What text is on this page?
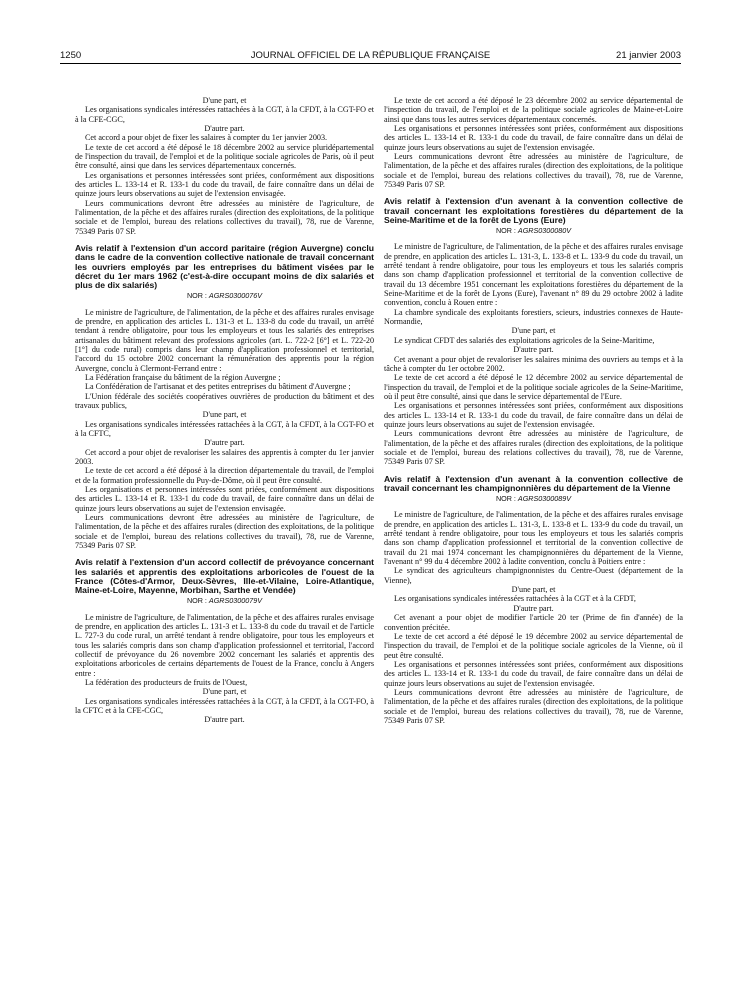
1250	JOURNAL OFFICIEL DE LA RÉPUBLIQUE FRANÇAISE	21 janvier 2003

D'une part, et

Les organisations syndicales intéressées rattachées à la CGT, à la CFDT, à la CGT-FO et à la CFE-CGC,

D'autre part.

Cet accord a pour objet de fixer les salaires à compter du 1er janvier 2003.

Le texte de cet accord a été déposé le 18 décembre 2002 au service pluridépartemental de l'inspection du travail, de l'emploi et de la politique sociale agricoles de Paris, où il peut être consulté, ainsi que dans les services départementaux concernés.

Les organisations et personnes intéressées sont priées, conformément aux dispositions des articles L. 133-14 et R. 133-1 du code du travail, de faire connaître dans un délai de quinze jours leurs observations au sujet de l'extension envisagée.

Leurs communications devront être adressées au ministère de l'agriculture, de l'alimentation, de la pêche et des affaires rurales (direction des exploitations, de la politique sociale et de l'emploi, bureau des relations collectives du travail), 78, rue de Varenne, 75349 Paris 07 SP.

Avis relatif à l'extension d'un accord paritaire (région Auvergne) conclu dans le cadre de la convention collective nationale de travail concernant les ouvriers employés par les entreprises du bâtiment visées par le décret du 1er mars 1962 (c'est-à-dire occupant moins de dix salariés et plus de dix salariés)

NOR : AGRS0300076V

Le ministre de l'agriculture, de l'alimentation, de la pêche et des affaires rurales envisage de prendre, en application des articles L. 131-3 et L. 133-8 du code du travail, un arrêté tendant à rendre obligatoire, pour tous les employeurs et tous les salariés des entreprises artisanales du bâtiment relevant des professions agricoles (art. L. 722-2 [6°] et L. 722-20 [1°] du code rural) compris dans leur champ d'application professionnel et territorial, l'accord du 15 octobre 2002 concernant la rémunération des apprentis pour la région Auvergne, conclu à Clermont-Ferrand entre :

La Fédération française du bâtiment de la région Auvergne ;

La Confédération de l'artisanat et des petites entreprises du bâtiment d'Auvergne ;

L'Union fédérale des sociétés coopératives ouvrières de production du bâtiment et des travaux publics,

D'une part, et

Les organisations syndicales intéressées rattachées à la CGT, à la CFDT, à la CGT-FO et à la CFTC,

D'autre part.

Cet accord a pour objet de revaloriser les salaires des apprentis à compter du 1er janvier 2003.

Le texte de cet accord a été déposé à la direction départementale du travail, de l'emploi et de la formation professionnelle du Puy-de-Dôme, où il peut être consulté.

Les organisations et personnes intéressées sont priées, conformément aux dispositions des articles L. 133-14 et R. 133-1 du code du travail, de faire connaître dans un délai de quinze jours leurs observations au sujet de l'extension envisagée.

Leurs communications devront être adressées au ministère de l'agriculture, de l'alimentation, de la pêche et des affaires rurales (direction des exploitations, de la politique sociale et de l'emploi, bureau des relations collectives du travail), 78, rue de Varenne, 75349 Paris 07 SP.

Avis relatif à l'extension d'un accord collectif de prévoyance concernant les salariés et apprentis des exploitations arboricoles de l'ouest de la France (Côtes-d'Armor, Deux-Sèvres, Ille-et-Vilaine, Loire-Atlantique, Maine-et-Loire, Mayenne, Morbihan, Sarthe et Vendée)

NOR : AGRS0300079V

Le ministre de l'agriculture, de l'alimentation, de la pêche et des affaires rurales envisage de prendre, en application des articles L. 131-3 et L. 133-8 du code du travail et de l'article L. 727-3 du code rural, un arrêté tendant à rendre obligatoire, pour tous les employeurs et tous les salariés compris dans son champ d'application professionnel et territorial, l'accord collectif de prévoyance du 26 novembre 2002 concernant les salariés et apprentis des exploitations arboricoles de certains départements de l'ouest de la France, conclu à Angers entre :

La fédération des producteurs de fruits de l'Ouest,

D'une part, et

Les organisations syndicales intéressées rattachées à la CGT, à la CFDT, à la CGT-FO, à la CFTC et à la CFE-CGC,

D'autre part.

Le texte de cet accord a été déposé le 23 décembre 2002 au service départemental de l'inspection du travail, de l'emploi et de la politique sociale agricoles de Maine-et-Loire ainsi que dans tous les autres services départementaux concernés.

Les organisations et personnes intéressées sont priées, conformément aux dispositions des articles L. 133-14 et R. 133-1 du code du travail, de faire connaître dans un délai de quinze jours leurs observations au sujet de l'extension envisagée.

Leurs communications devront être adressées au ministère de l'agriculture, de l'alimentation, de la pêche et des affaires rurales (direction des exploitations, de la politique sociale et de l'emploi, bureau des relations collectives du travail), 78, rue de Varenne, 75349 Paris 07 SP.

Avis relatif à l'extension d'un avenant à la convention collective de travail concernant les exploitations forestières du département de la Seine-Maritime et de la forêt de Lyons (Eure)

NOR : AGRS0300080V

Le ministre de l'agriculture, de l'alimentation, de la pêche et des affaires rurales envisage de prendre, en application des articles L. 131-3, L. 133-8 et L. 133-9 du code du travail, un arrêté tendant à rendre obligatoire, pour tous les employeurs et tous les salariés compris dans son champ d'application professionnel et territorial de la convention collective de travail du 13 décembre 1951 concernant les exploitations forestières du département de la Seine-Maritime et de la forêt de Lyons (Eure), l'avenant n° 89 du 29 octobre 2002 à ladite convention, conclu à Rouen entre :

La chambre syndicale des exploitants forestiers, scieurs, industries connexes de Haute-Normandie,

D'une part, et

Le syndicat CFDT des salariés des exploitations agricoles de la Seine-Maritime,

D'autre part.

Cet avenant a pour objet de revaloriser les salaires minima des ouvriers au temps et à la tâche à compter du 1er octobre 2002.

Le texte de cet accord a été déposé le 12 décembre 2002 au service départemental de l'inspection du travail, de l'emploi et de la politique sociale agricoles de la Seine-Maritime, où il peut être consulté, ainsi que dans le service départemental de l'Eure.

Les organisations et personnes intéressées sont priées, conformément aux dispositions des articles L. 133-14 et R. 133-1 du code du travail, de faire connaître dans un délai de quinze jours leurs observations au sujet de l'extension envisagée.

Leurs communications devront être adressées au ministère de l'agriculture, de l'alimentation, de la pêche et des affaires rurales (direction des exploitations, de la politique sociale et de l'emploi, bureau des relations collectives du travail), 78, rue de Varenne, 75349 Paris 07 SP.

Avis relatif à l'extension d'un avenant à la convention collective de travail concernant les champignonnières du département de la Vienne

NOR : AGRS0300089V

Le ministre de l'agriculture, de l'alimentation, de la pêche et des affaires rurales envisage de prendre, en application des articles L. 131-3, L. 133-8 et L. 133-9 du code du travail, un arrêté tendant à rendre obligatoire, pour tous les employeurs et tous les salariés compris dans son champ d'application professionnel et territorial de la convention collective de travail du 21 mai 1974 concernant les champignonnières du département de la Vienne, l'avenant n° 99 du 4 décembre 2002 à ladite convention, conclu à Poitiers entre :

Le syndicat des agriculteurs champignonnistes du Centre-Ouest (département de la Vienne),

D'une part, et

Les organisations syndicales intéressées rattachées à la CGT et à la CFDT,

D'autre part.

Cet avenant a pour objet de modifier l'article 20 ter (Prime de fin d'année) de la convention précitée.

Le texte de cet accord a été déposé le 19 décembre 2002 au service départemental de l'inspection du travail, de l'emploi et de la politique sociale agricoles de la Vienne, où il peut être consulté.

Les organisations et personnes intéressées sont priées, conformément aux dispositions des articles L. 133-14 et R. 133-1 du code du travail, de faire connaître dans un délai de quinze jours leurs observations au sujet de l'extension envisagée.

Leurs communications devront être adressées au ministère de l'agriculture, de l'alimentation, de la pêche et des affaires rurales (direction des exploitations, de la politique sociale et de l'emploi, bureau des relations collectives du travail), 78, rue de Varenne, 75349 Paris 07 SP.
